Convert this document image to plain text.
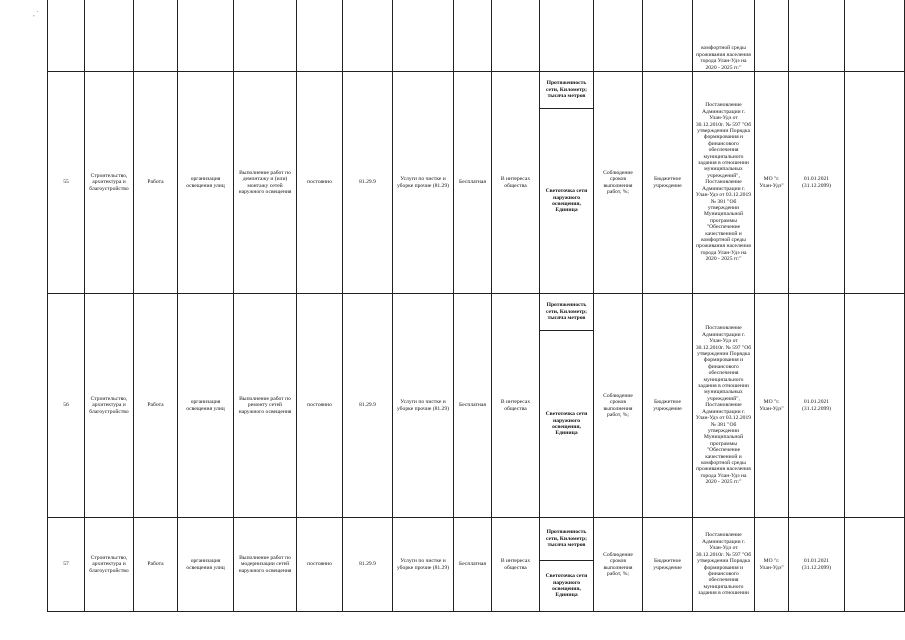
, `
													комфортной среды проживания населения города Улан-Удэ на 2020 - 2025 гг."			
55	Строительство, архитектура и благоустройство	Работа	организация освещения улиц	Выполнение работ по демонтажу и (или) монтажу сетей наружного освещения	постоянно	81.29.9	Услуги по чистке и уборке прочие (81.29)	Бесплатная	В интересах общества	Протяженность сети, Километр; тысяча метров	Соблюдение сроков выполнения работ, %;	Бюджетное учреждение	Постановление Администрации г. Улан-Удэ от 30.12.2010г. № 597 "Об утверждении Порядка формирования и финансового обеспечения муниципального задания в отношении муниципальных учреждений", Постановление Администрации г. Улан-Удэ от 03.12.2019 № 381 "Об утверждении Муниципальной программы "Обеспечение качественной и комфортной среды проживания населения города Улан-Удэ на 2020 - 2025 гг."	МО "г. Улан-Удэ"	01.01.2021 (31.12.2099)	
										Светоточка сети наружного освещения, Единица						
56	Строительство, архитектура и благоустройство	Работа	организация освещения улиц	Выполнение работ по ремонту сетей наружного освещения	постоянно	81.29.9	Услуги по чистке и уборке прочие (81.29)	Бесплатная	В интересах общества	Протяженность сети, Километр; тысяча метров	Соблюдение сроков выполнения работ, %;	Бюджетное учреждение	Постановление Администрации г. Улан-Удэ от 30.12.2010г. № 597 "Об утверждении Порядка формирования и финансового обеспечения муниципального задания в отношении муниципальных учреждений", Постановление Администрации г. Улан-Удэ от 03.12.2019 № 381 "Об утверждении Муниципальной программы "Обеспечение качественной и комфортной среды проживания населения города Улан-Удэ на 2020 - 2025 гг."	МО "г. Улан-Удэ"	01.01.2021 (31.12.2099)	
										Светоточка сети наружного освещения, Единица						
57	Строительство, архитектура и благоустройство	Работа	организация освещения улиц	Выполнение работ по модернизации сетей наружного освещения	постоянно	81.29.9	Услуги по чистке и уборке прочие (81.29)	Бесплатная	В интересах общества	Протяженность сети, Километр; тысяча метров	Соблюдение сроков выполнения работ, %;	Бюджетное учреждение	Постановление Администрации г. Улан-Удэ от 30.12.2010г. № 597 "Об утверждении Порядка формирования и финансового обеспечения муниципального задания в отношении	МО "г. Улан-Удэ"	01.01.2021 (31.12.2099)	
										Светоточка сети наружного освещения, Единица						
